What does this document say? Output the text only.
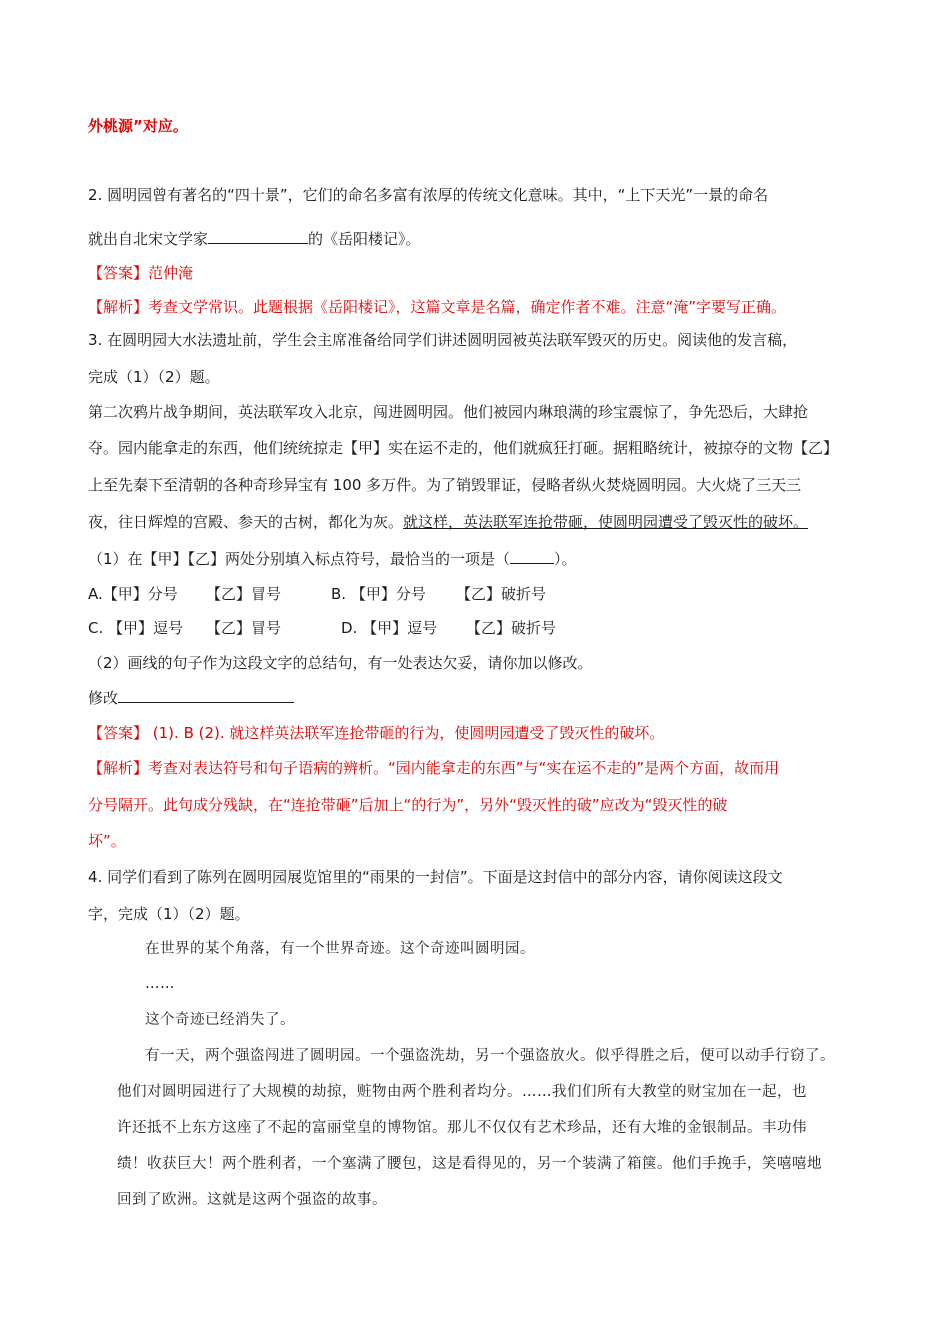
外桃源”对应。
2. 圆明园曾有著名的“四十景”，它们的命名多富有浓厚的传统文化意味。其中，“上下天光”一景的命名
就出自北宋文学家	的《岳阳楼记》。
【答案】范仲淹
【解析】考查文学常识。此题根据《岳阳楼记》，这篇文章是名篇，确定作者不难。注意“淹”字要写正确。
3. 在圆明园大水法遗址前，学生会主席准备给同学们讲述圆明园被英法联军毁灭的历史。阅读他的发言稿，
完成（1）（2）题。
第二次鸦片战争期间，英法联军攻入北京，闯进圆明园。他们被园内琳琅满的珍宝震惊了，争先恐后，大肆抢
夺。园内能拿走的东西，他们统统掠走【甲】实在运不走的，他们就疯狂打砸。据粗略统计，被掠夺的文物【乙】
上至先秦下至清朝的各种奇珍异宝有 100 多万件。为了销毁罪证，侵略者纵火焚烧圆明园。大火烧了三天三
夜，往日辉煌的宫殿、参天的古树，都化为灰。就这样，英法联军连抢带砸，使圆明园遭受了毁灭性的破坏。
（1）在【甲】【乙】两处分别填入标点符号，最恰当的一项是（	）。
A.【甲】分号 【乙】冒号	B. 【甲】分号 【乙】破折号
C. 【甲】逗号 【乙】冒号	D. 【甲】逗号 【乙】破折号
（2）画线的句子作为这段文字的总结句，有一处表达欠妥，请你加以修改。
修改
【答案】 (1). B (2). 就这样英法联军连抢带砸的行为，使圆明园遭受了毁灭性的破坏。
【解析】考查对表达符号和句子语病的辨析。“园内能拿走的东西”与“实在运不走的”是两个方面，故而用
分号隔开。此句成分残缺，在“连抢带砸”后加上“的行为”，另外“毁灭性的破”应改为“毁灭性的破
坏”。
4. 同学们看到了陈列在圆明园展览馆里的“雨果的一封信”。下面是这封信中的部分内容，请你阅读这段文
字，完成（1）（2）题。
在世界的某个角落，有一个世界奇迹。这个奇迹叫圆明园。
……
这个奇迹已经消失了。
有一天，两个强盗闯进了圆明园。一个强盗洗劫，另一个强盗放火。似乎得胜之后，便可以动手行窃了。
他们对圆明园进行了大规模的劫掠，赃物由两个胜利者均分。……我们们所有大教堂的财宝加在一起，也
许还抵不上东方这座了不起的富丽堂皇的博物馆。那儿不仅仅有艺术珍品，还有大堆的金银制品。丰功伟
绩！收获巨大！两个胜利者，一个塞满了腰包，这是看得见的，另一个装满了箱箧。他们手挽手，笑嘻嘻地
回到了欧洲。这就是这两个强盗的故事。
